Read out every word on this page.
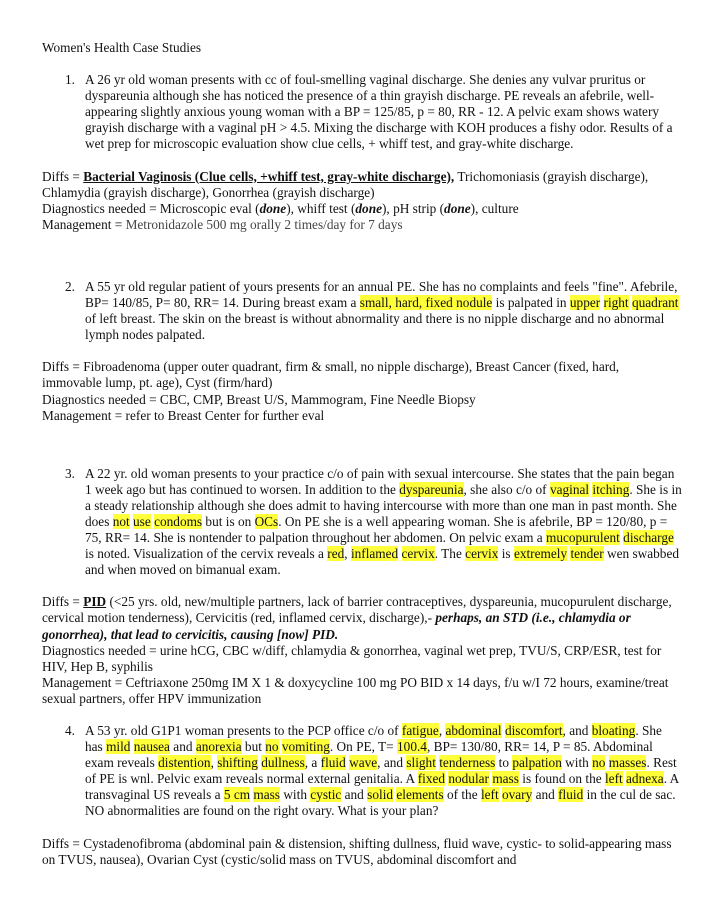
Women's Health Case Studies
1. A 26 yr old woman presents with cc of foul-smelling vaginal discharge. She denies any vulvar pruritus or dyspareunia although she has noticed the presence of a thin grayish discharge. PE reveals an afebrile, well- appearing slightly anxious young woman with a BP = 125/85, p = 80, RR - 12. A pelvic exam shows watery grayish discharge with a vaginal pH > 4.5. Mixing the discharge with KOH produces a fishy odor. Results of a wet prep for microscopic evaluation show clue cells, + whiff test, and gray-white discharge.
Diffs = Bacterial Vaginosis (Clue cells, +whiff test, gray-white discharge), Trichomoniasis (grayish discharge), Chlamydia (grayish discharge), Gonorrhea (grayish discharge)
Diagnostics needed = Microscopic eval (done), whiff test (done), pH strip (done), culture
Management = Metronidazole 500 mg orally 2 times/day for 7 days
2. A 55 yr old regular patient of yours presents for an annual PE. She has no complaints and feels "fine". Afebrile, BP= 140/85, P= 80, RR= 14. During breast exam a small, hard, fixed nodule is palpated in upper right quadrant of left breast. The skin on the breast is without abnormality and there is no nipple discharge and no abnormal lymph nodes palpated.
Diffs = Fibroadenoma (upper outer quadrant, firm & small, no nipple discharge), Breast Cancer (fixed, hard, immovable lump, pt. age), Cyst (firm/hard)
Diagnostics needed = CBC, CMP, Breast U/S, Mammogram, Fine Needle Biopsy
Management = refer to Breast Center for further eval
3. A 22 yr. old woman presents to your practice c/o of pain with sexual intercourse. She states that the pain began 1 week ago but has continued to worsen. In addition to the dyspareunia, she also c/o of vaginal itching. She is in a steady relationship although she does admit to having intercourse with more than one man in past month. She does not use condoms but is on OCs. On PE she is a well appearing woman. She is afebrile, BP = 120/80, p = 75, RR= 14. She is nontender to palpation throughout her abdomen. On pelvic exam a mucopurulent discharge is noted. Visualization of the cervix reveals a red, inflamed cervix. The cervix is extremely tender wen swabbed and when moved on bimanual exam.
Diffs = PID (<25 yrs. old, new/multiple partners, lack of barrier contraceptives, dyspareunia, mucopurulent discharge, cervical motion tenderness), Cervicitis (red, inflamed cervix, discharge),- perhaps, an STD (i.e., chlamydia or gonorrhea), that lead to cervicitis, causing [now] PID.
Diagnostics needed = urine hCG, CBC w/diff, chlamydia & gonorrhea, vaginal wet prep, TVU/S, CRP/ESR, test for HIV, Hep B, syphilis
Management = Ceftriaxone 250mg IM X 1 & doxycycline 100 mg PO BID x 14 days, f/u w/I 72 hours, examine/treat sexual partners, offer HPV immunization
4. A 53 yr. old G1P1 woman presents to the PCP office c/o of fatigue, abdominal discomfort, and bloating. She has mild nausea and anorexia but no vomiting. On PE, T= 100.4, BP= 130/80, RR= 14, P = 85. Abdominal exam reveals distention, shifting dullness, a fluid wave, and slight tenderness to palpation with no masses. Rest of PE is wnl. Pelvic exam reveals normal external genitalia. A fixed nodular mass is found on the left adnexa. A transvaginal US reveals a 5 cm mass with cystic and solid elements of the left ovary and fluid in the cul de sac. NO abnormalities are found on the right ovary. What is your plan?
Diffs = Cystadenofibroma (abdominal pain & distension, shifting dullness, fluid wave, cystic- to solid-appearing mass on TVUS, nausea), Ovarian Cyst (cystic/solid mass on TVUS, abdominal discomfort and
